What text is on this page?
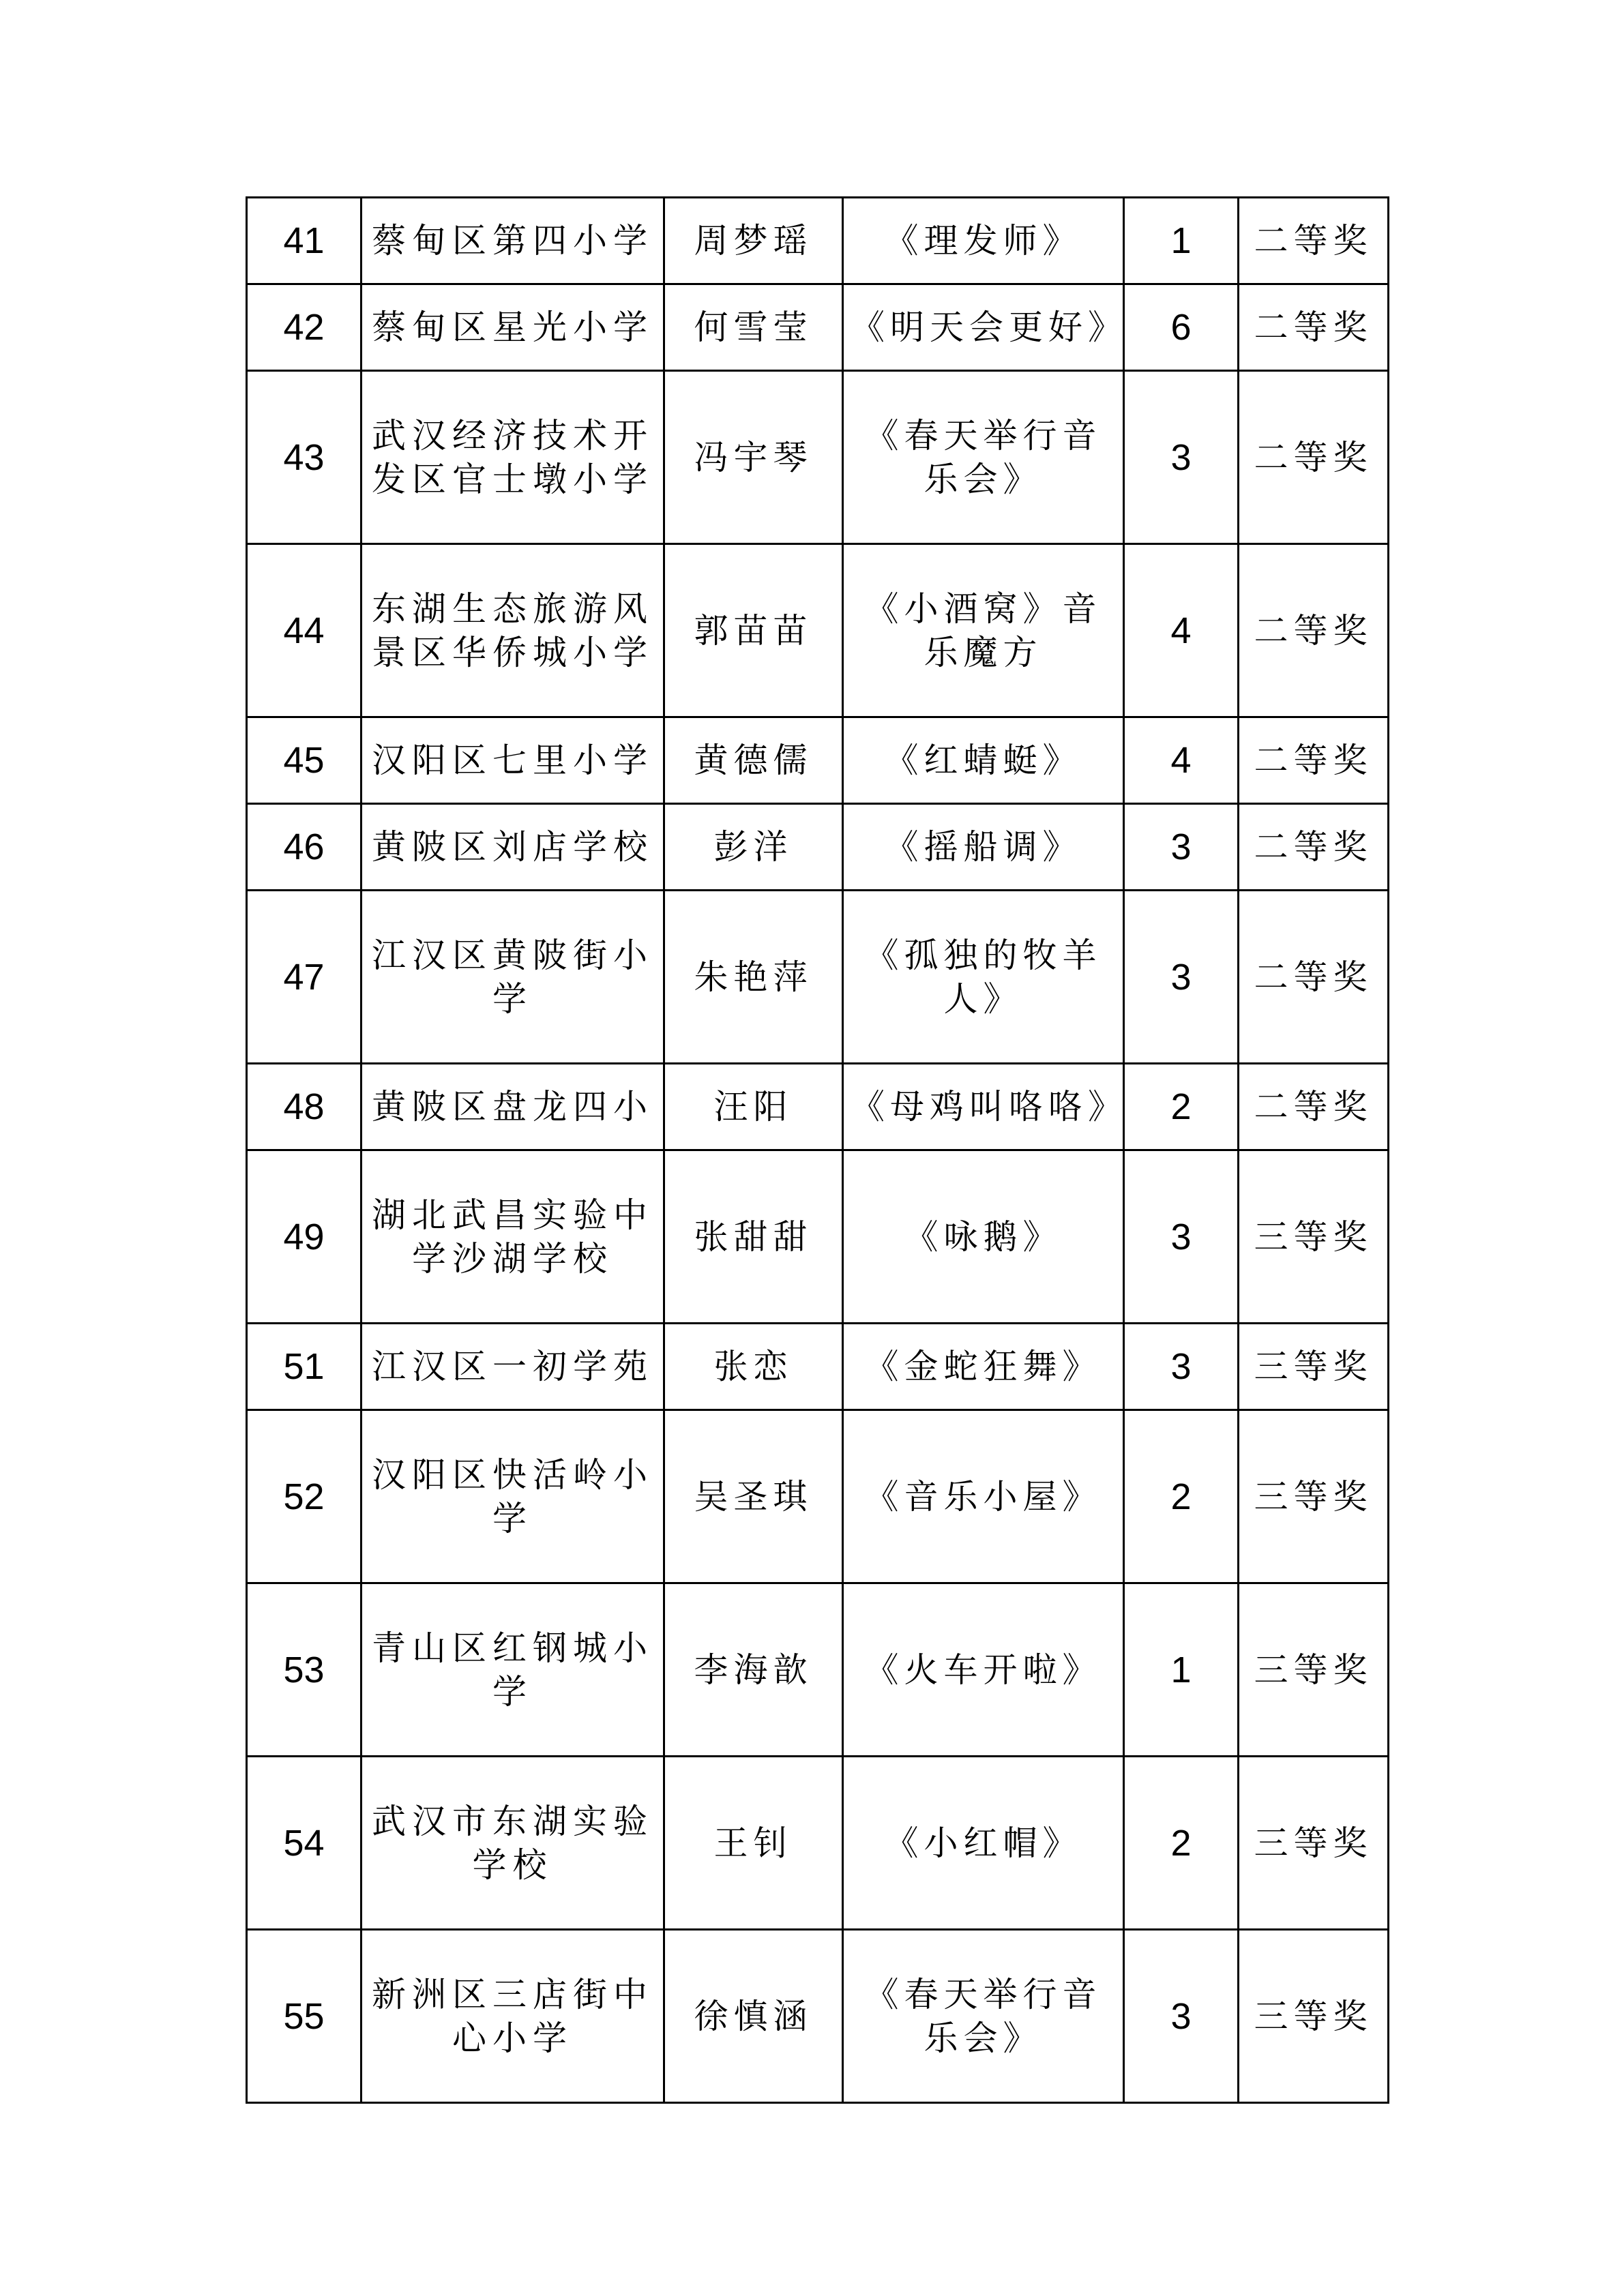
41	蔡甸区第四小学	周梦瑶	《理发师》	1	二等奖
42	蔡甸区星光小学	何雪莹	《明天会更好》	6	二等奖
43	武汉经济技术开发区官士墩小学	冯宇琴	《春天举行音乐会》	3	二等奖
44	东湖生态旅游风景区华侨城小学	郭苗苗	《小酒窝》音乐魔方	4	二等奖
45	汉阳区七里小学	黄德儒	《红蜻蜓》	4	二等奖
46	黄陂区刘店学校	彭洋	《摇船调》	3	二等奖
47	江汉区黄陂街小学	朱艳萍	《孤独的牧羊人》	3	二等奖
48	黄陂区盘龙四小	汪阳	《母鸡叫咯咯》	2	二等奖
49	湖北武昌实验中学沙湖学校	张甜甜	《咏鹅》	3	三等奖
51	江汉区一初学苑	张恋	《金蛇狂舞》	3	三等奖
52	汉阳区快活岭小学	吴圣琪	《音乐小屋》	2	三等奖
53	青山区红钢城小学	李海歆	《火车开啦》	1	三等奖
54	武汉市东湖实验学校	王钊	《小红帽》	2	三等奖
55	新洲区三店街中心小学	徐慎涵	《春天举行音乐会》	3	三等奖
